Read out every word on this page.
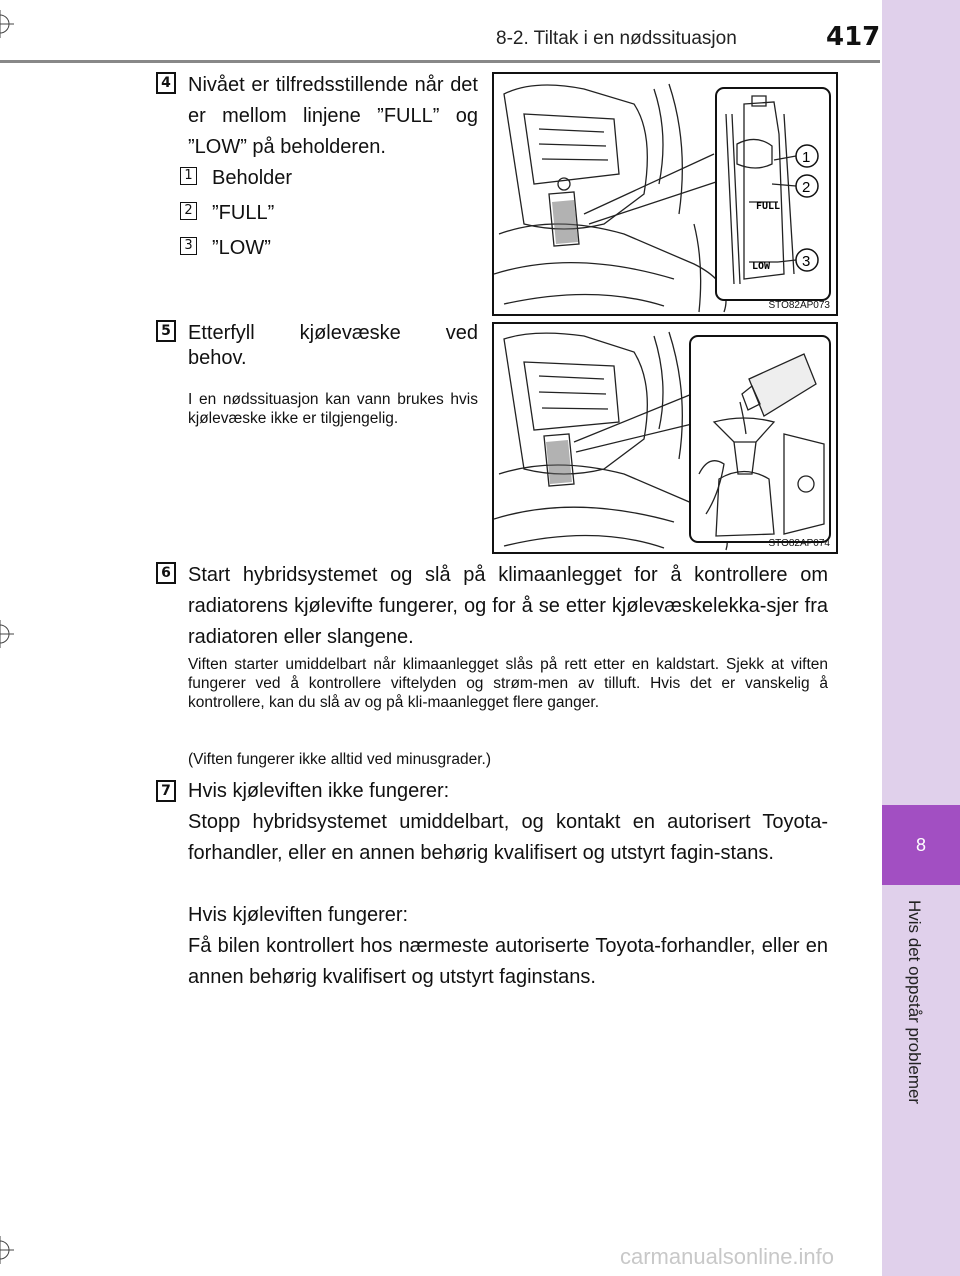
8-2. Tiltak i en nødssituasjon	417
8
Hvis det oppstår problemer
4 Nivået er tilfredsstillende når det er mellom linjene ”FULL” og ”LOW” på beholderen.
1 Beholder
2 ”FULL”
3 ”LOW”
FULL
LOW
1
2
3
STO82AP073
5 Etterfyll kjølevæske ved
behov.
I en nødssituasjon kan vann brukes hvis kjølevæske ikke er tilgjengelig.
STO82AP074
6 Start hybridsystemet og slå på klimaanlegget for å kontrollere om radiatorens kjølevifte fungerer, og for å se etter kjølevæskelekka-sjer fra radiatoren eller slangene.
Viften starter umiddelbart når klimaanlegget slås på rett etter en kaldstart. Sjekk at viften fungerer ved å kontrollere viftelyden og strøm-men av tilluft. Hvis det er vanskelig å kontrollere, kan du slå av og på kli-maanlegget flere ganger.
(Viften fungerer ikke alltid ved minusgrader.)
7 Hvis kjøleviften ikke fungerer:
Stopp hybridsystemet umiddelbart, og kontakt en autorisert Toyota-forhandler, eller en annen behørig kvalifisert og utstyrt fagin-stans.
Hvis kjøleviften fungerer:
Få bilen kontrollert hos nærmeste autoriserte Toyota-forhandler, eller en annen behørig kvalifisert og utstyrt faginstans.
carmanualsonline.info
